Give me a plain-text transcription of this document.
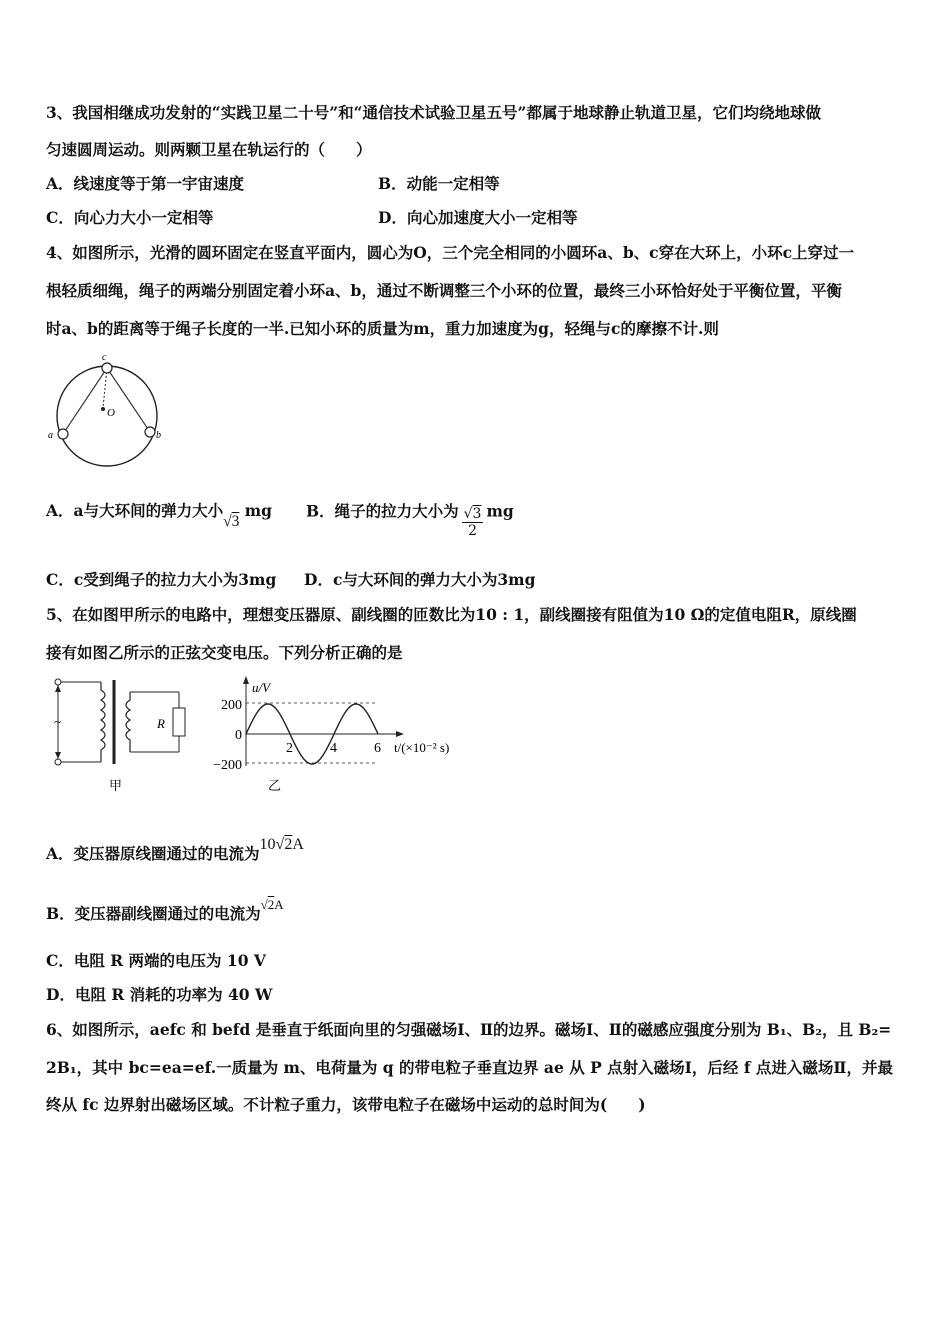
3、我国相继成功发射的“实践卫星二十号”和“通信技术试验卫星五号”都属于地球静止轨道卫星，它们均绕地球做
匀速圆周运动。则两颗卫星在轨运行的（　　）
A．线速度等于第一宇宙速度	B．动能一定相等
C．向心力大小一定相等	D．向心加速度大小一定相等
4、如图所示，光滑的圆环固定在竖直平面内，圆心为O，三个完全相同的小圆环a、b、c穿在大环上，小环c上穿过一
根轻质细绳，绳子的两端分别固定着小环a、b，通过不断调整三个小环的位置，最终三小环恰好处于平衡位置，平衡
时a、b的距离等于绳子长度的一半.已知小环的质量为m，重力加速度为g，轻绳与c的摩擦不计.则
c
O
a	b
A．a与大环间的弹力大小√3 mg B．绳子的拉力大小为 $\frac{√3}{2}$ mg
C．c受到绳子的拉力大小为3mg D．c与大环间的弹力大小为3mg
5、在如图甲所示的电路中，理想变压器原、副线圈的匝数比为10 : 1，副线圈接有阻值为10 Ω的定值电阻R，原线圈
接有如图乙所示的正弦交变电压。下列分析正确的是
~	R
甲
u/V
t/(×10⁻² s)
乙
2	4	6
200
0
−200
A．变压器原线圈通过的电流为10√2A
B．变压器副线圈通过的电流为$^{√2A}$
C．电阻 R 两端的电压为 10 V
D．电阻 R 消耗的功率为 40 W
6、如图所示，aefc 和 befd 是垂直于纸面向里的匀强磁场Ⅰ、Ⅱ的边界。磁场Ⅰ、Ⅱ的磁感应强度分别为 B₁、B₂，且 B₂=
2B₁，其中 bc=ea=ef.一质量为 m、电荷量为 q 的带电粒子垂直边界 ae 从 P 点射入磁场Ⅰ，后经 f 点进入磁场Ⅱ，并最
终从 fc 边界射出磁场区域。不计粒子重力，该带电粒子在磁场中运动的总时间为(　　)
